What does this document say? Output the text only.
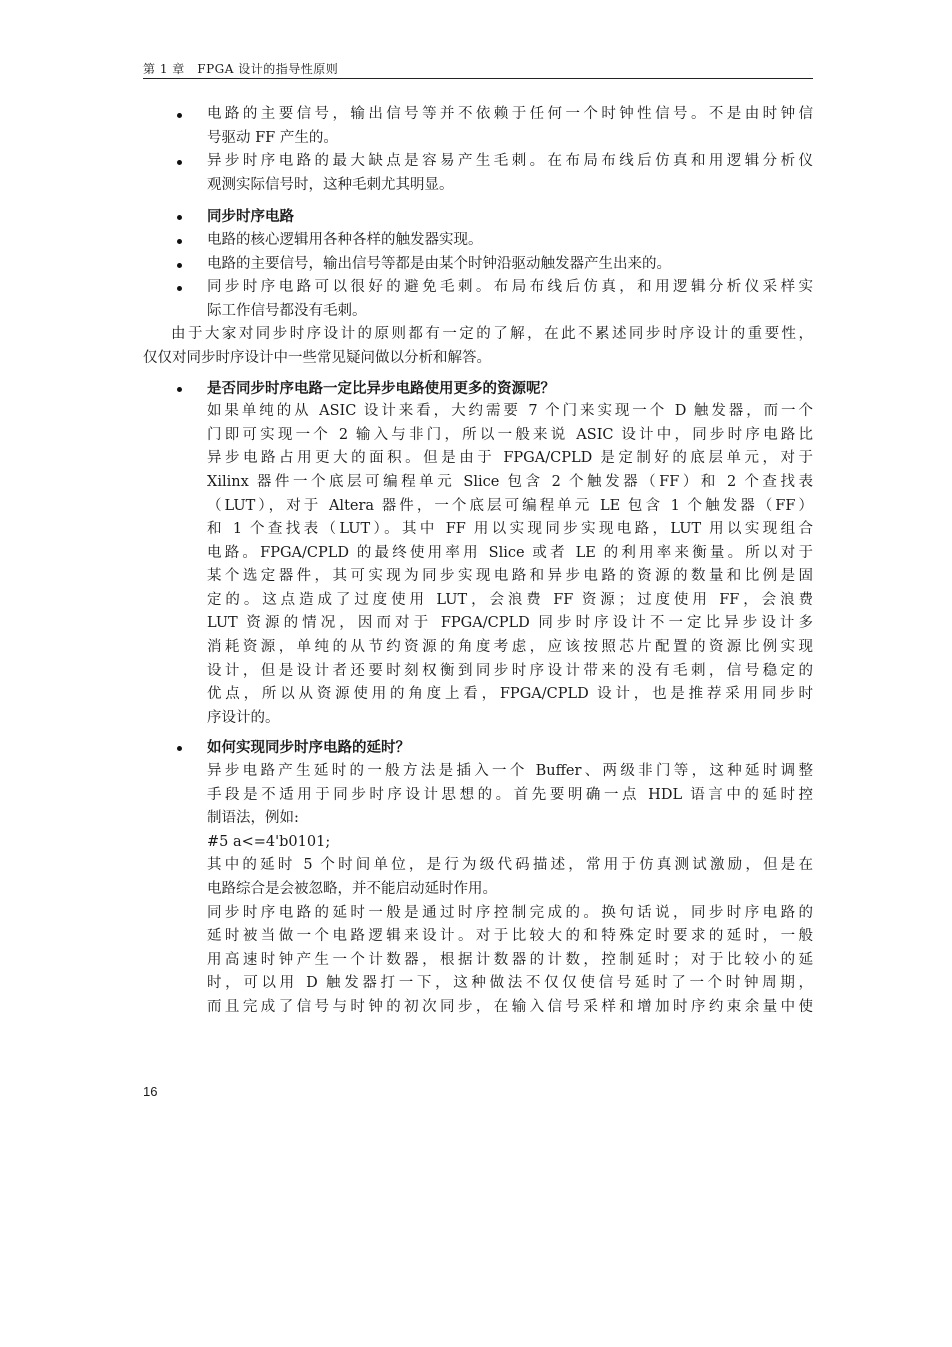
第 1 章　FPGA 设计的指导性原则
电路的主要信号，输出信号等并不依赖于任何一个时钟性信号。不是由时钟信
号驱动 FF 产生的。
异步时序电路的最大缺点是容易产生毛刺。在布局布线后仿真和用逻辑分析仪
观测实际信号时，这种毛刺尤其明显。
同步时序电路
电路的核心逻辑用各种各样的触发器实现。
电路的主要信号，输出信号等都是由某个时钟沿驱动触发器产生出来的。
同步时序电路可以很好的避免毛刺。布局布线后仿真，和用逻辑分析仪采样实
际工作信号都没有毛刺。
由于大家对同步时序设计的原则都有一定的了解，在此不累述同步时序设计的重要性，
仅仅对同步时序设计中一些常见疑问做以分析和解答。
是否同步时序电路一定比异步电路使用更多的资源呢？
如果单纯的从 ASIC 设计来看，大约需要 7 个门来实现一个 D 触发器，而一个
门即可实现一个 2 输入与非门，所以一般来说 ASIC 设计中，同步时序电路比
异步电路占用更大的面积。但是由于 FPGA/CPLD 是定制好的底层单元，对于
Xilinx 器件一个底层可编程单元 Slice 包含 2 个触发器（FF）和 2 个查找表
（LUT），对于 Altera 器件，一个底层可编程单元 LE 包含 1 个触发器（FF）
和 1 个查找表（LUT）。其中 FF 用以实现同步实现电路，LUT 用以实现组合
电路。FPGA/CPLD 的最终使用率用 Slice 或者 LE 的利用率来衡量。所以对于
某个选定器件，其可实现为同步实现电路和异步电路的资源的数量和比例是固
定的。这点造成了过度使用 LUT，会浪费 FF 资源；过度使用 FF，会浪费
LUT 资源的情况，因而对于 FPGA/CPLD 同步时序设计不一定比异步设计多
消耗资源，单纯的从节约资源的角度考虑，应该按照芯片配置的资源比例实现
设计，但是设计者还要时刻权衡到同步时序设计带来的没有毛刺，信号稳定的
优点，所以从资源使用的角度上看，FPGA/CPLD 设计，也是推荐采用同步时
序设计的。
如何实现同步时序电路的延时？
异步电路产生延时的一般方法是插入一个 Buffer、两级非门等，这种延时调整
手段是不适用于同步时序设计思想的。首先要明确一点 HDL 语言中的延时控
制语法，例如:
#5 a<=4'b0101;
其中的延时 5 个时间单位，是行为级代码描述，常用于仿真测试激励，但是在
电路综合是会被忽略，并不能启动延时作用。
同步时序电路的延时一般是通过时序控制完成的。换句话说，同步时序电路的
延时被当做一个电路逻辑来设计。对于比较大的和特殊定时要求的延时，一般
用高速时钟产生一个计数器，根据计数器的计数，控制延时；对于比较小的延
时，可以用 D 触发器打一下，这种做法不仅仅使信号延时了一个时钟周期，
而且完成了信号与时钟的初次同步，在输入信号采样和增加时序约束余量中使
16
